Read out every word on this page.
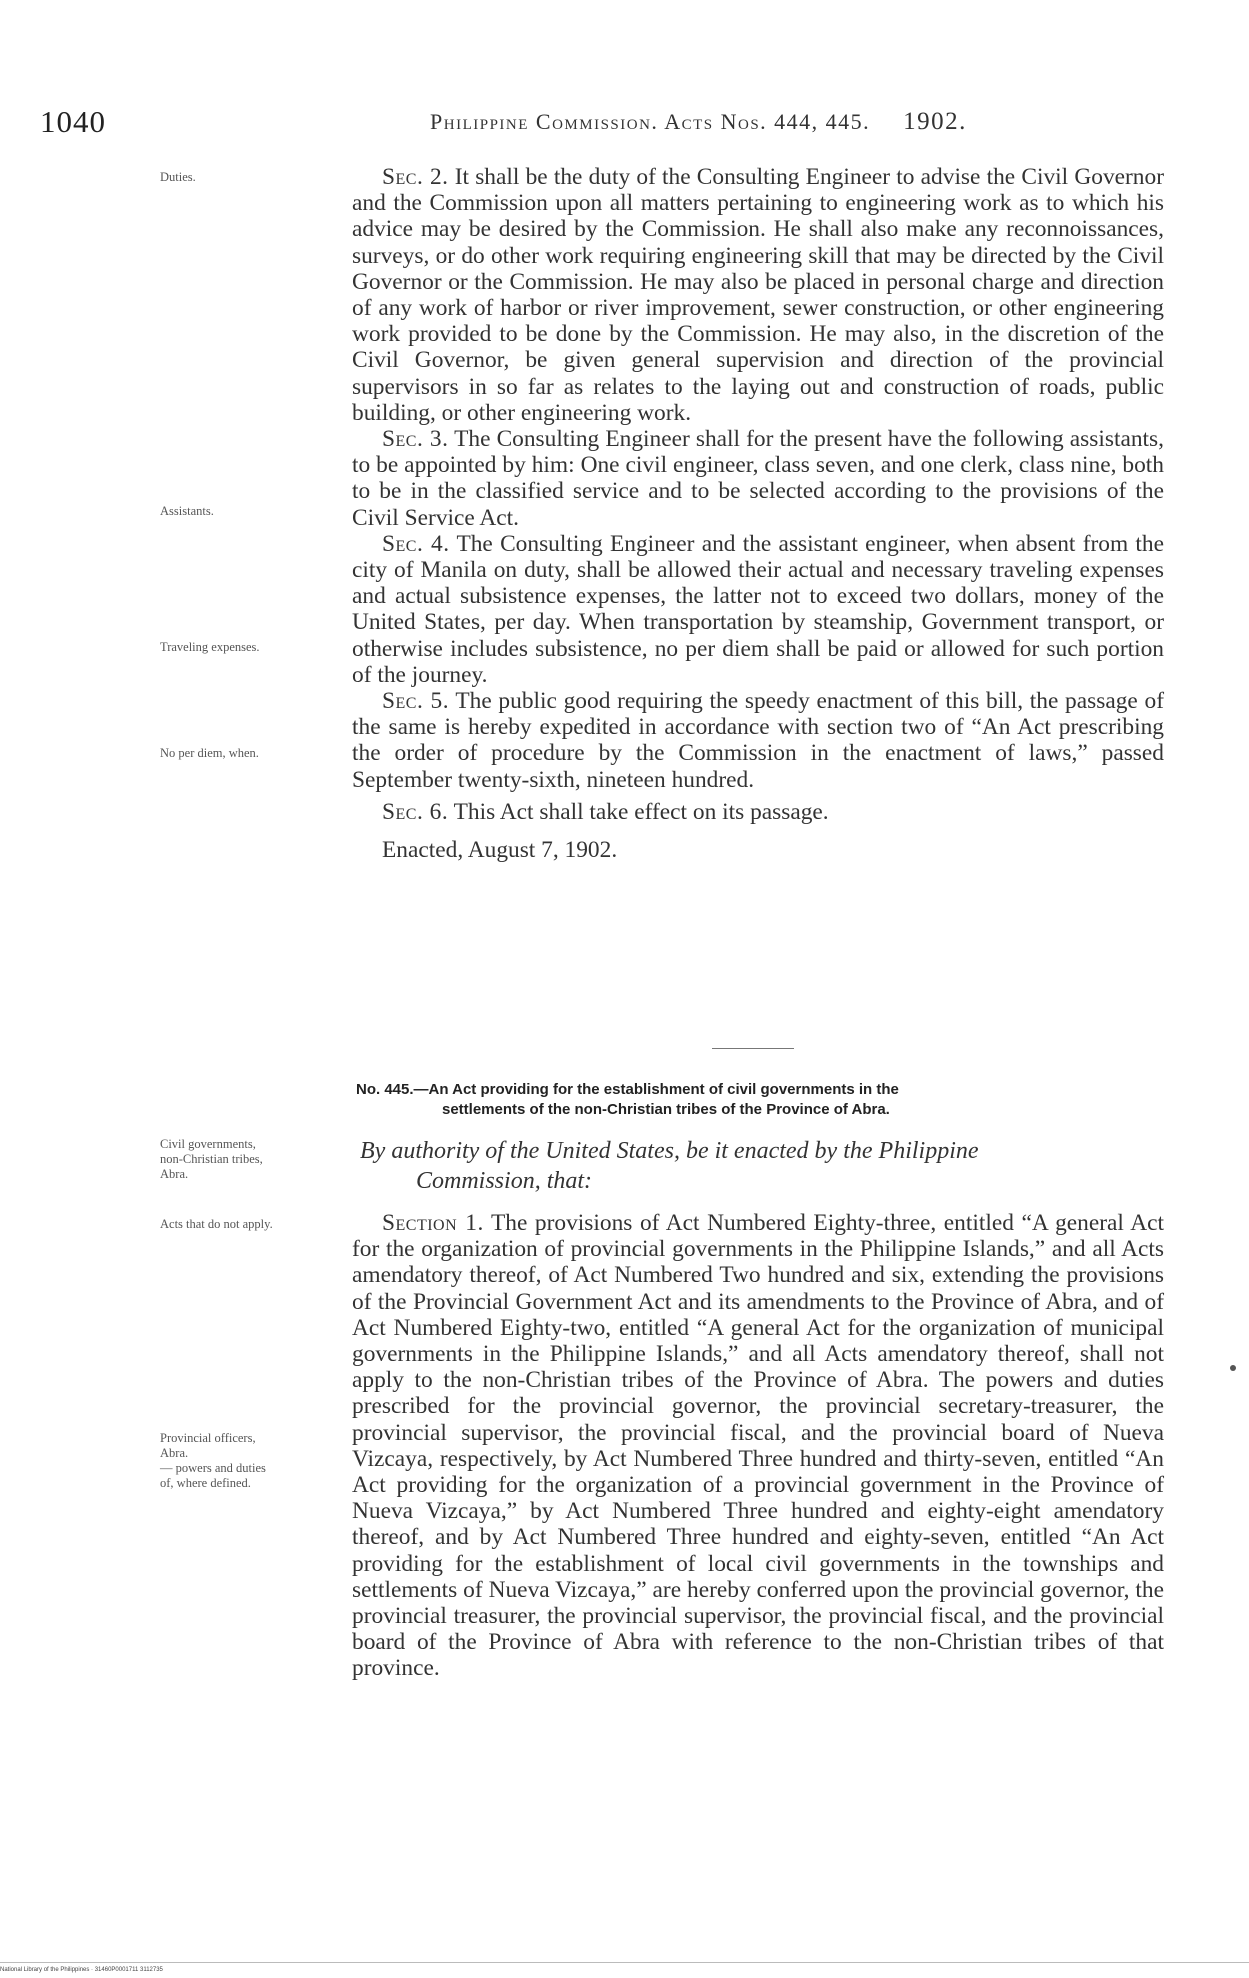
1040	Philippine Commission. Acts Nos. 444, 445. 1902.
Duties.
Assistants.
Traveling expenses.
No per diem, when.
Civil governments, non-Christian tribes, Abra.
Acts that do not apply.
Provincial officers, Abra.
— powers and duties of, where defined.

Sec. 2. It shall be the duty of the Consulting Engineer to advise the Civil Governor and the Commission upon all matters pertaining to engineering work as to which his advice may be desired by the Commission. He shall also make any reconnoissances, surveys, or do other work requiring engineering skill that may be directed by the Civil Governor or the Commission. He may also be placed in personal charge and direction of any work of harbor or river improvement, sewer construction, or other engineering work provided to be done by the Commission. He may also, in the discretion of the Civil Governor, be given general supervision and direction of the provincial supervisors in so far as relates to the laying out and construction of roads, public building, or other engineering work.

Sec. 3. The Consulting Engineer shall for the present have the following assistants, to be appointed by him: One civil engineer, class seven, and one clerk, class nine, both to be in the classified service and to be selected according to the provisions of the Civil Service Act.

Sec. 4. The Consulting Engineer and the assistant engineer, when absent from the city of Manila on duty, shall be allowed their actual and necessary traveling expenses and actual subsistence expenses, the latter not to exceed two dollars, money of the United States, per day. When transportation by steamship, Government transport, or otherwise includes subsistence, no per diem shall be paid or allowed for such portion of the journey.

Sec. 5. The public good requiring the speedy enactment of this bill, the passage of the same is hereby expedited in accordance with section two of “An Act prescribing the order of procedure by the Commission in the enactment of laws,” passed September twenty-sixth, nineteen hundred.

Sec. 6. This Act shall take effect on its passage.

Enacted, August 7, 1902.

No. 445.—An Act providing for the establishment of civil governments in the
settlements of the non-Christian tribes of the Province of Abra.
By authority of the United States, be it enacted by the Philippine
Commission, that:

Section 1. The provisions of Act Numbered Eighty-three, entitled “A general Act for the organization of provincial governments in the Philippine Islands,” and all Acts amendatory thereof, of Act Numbered Two hundred and six, extending the provisions of the Provincial Government Act and its amendments to the Province of Abra, and of Act Numbered Eighty-two, entitled “A general Act for the organization of municipal governments in the Philippine Islands,” and all Acts amendatory thereof, shall not apply to the non-Christian tribes of the Province of Abra. The powers and duties prescribed for the provincial governor, the provincial secretary-treasurer, the provincial supervisor, the provincial fiscal, and the provincial board of Nueva Vizcaya, respectively, by Act Numbered Three hundred and thirty-seven, entitled “An Act providing for the organization of a provincial government in the Province of Nueva Vizcaya,” by Act Numbered Three hundred and eighty-eight amendatory thereof, and by Act Numbered Three hundred and eighty-seven, entitled “An Act providing for the establishment of local civil governments in the townships and settlements of Nueva Vizcaya,” are hereby conferred upon the provincial governor, the provincial treasurer, the provincial supervisor, the provincial fiscal, and the provincial board of the Province of Abra with reference to the non-Christian tribes of that province.

National Library of the Philippines · 31460P0001711 3112735
